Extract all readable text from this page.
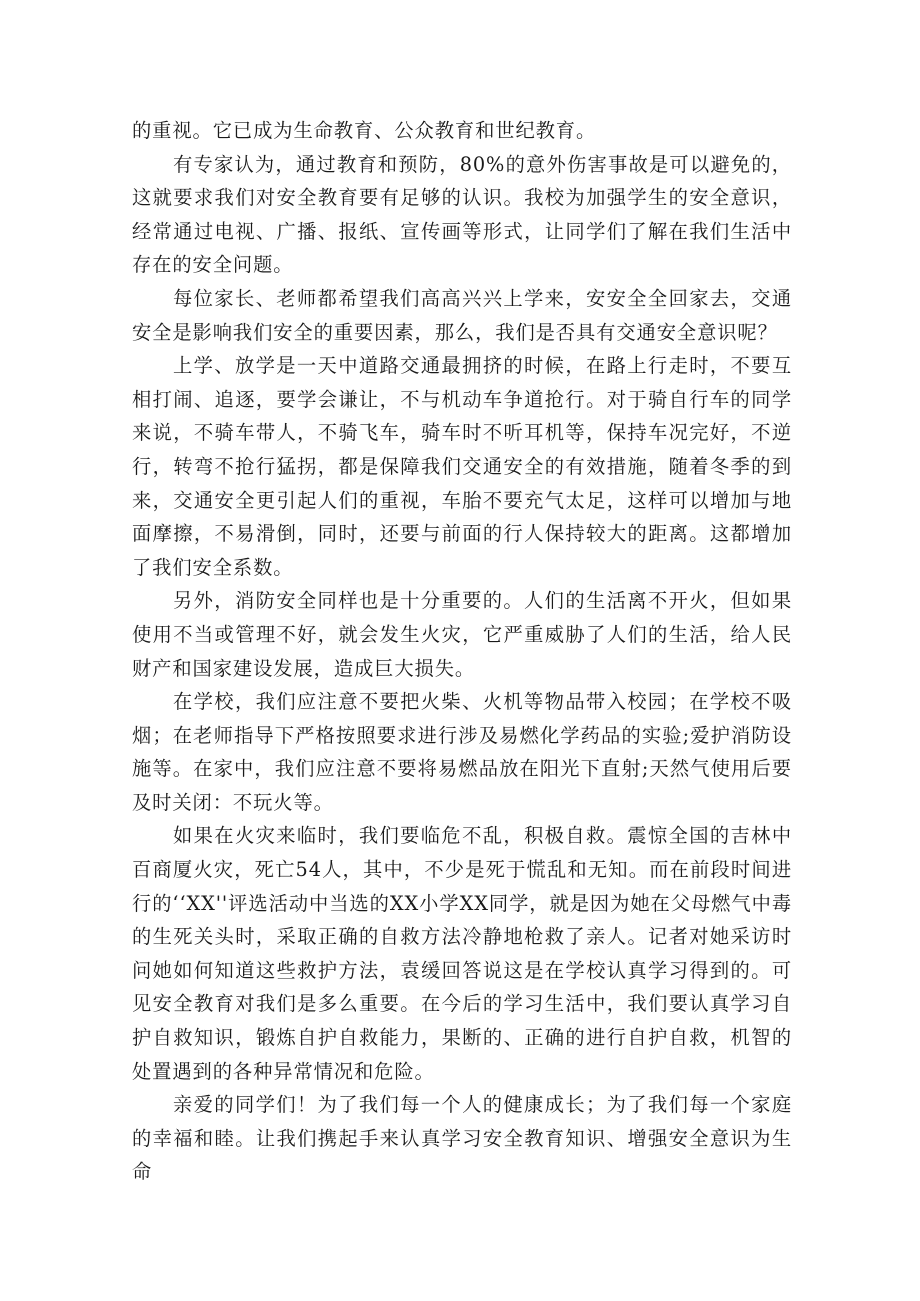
的重视。它已成为生命教育、公众教育和世纪教育。

有专家认为，通过教育和预防，80%的意外伤害事故是可以避免的，这就要求我们对安全教育要有足够的认识。我校为加强学生的安全意识，经常通过电视、广播、报纸、宣传画等形式，让同学们了解在我们生活中存在的安全问题。

每位家长、老师都希望我们高高兴兴上学来，安安全全回家去，交通安全是影响我们安全的重要因素，那么，我们是否具有交通安全意识呢？

上学、放学是一天中道路交通最拥挤的时候，在路上行走时，不要互相打闹、追逐，要学会谦让，不与机动车争道抢行。对于骑自行车的同学来说，不骑车带人，不骑飞车，骑车时不听耳机等，保持车况完好，不逆行，转弯不抢行猛拐，都是保障我们交通安全的有效措施，随着冬季的到来，交通安全更引起人们的重视，车胎不要充气太足，这样可以增加与地面摩擦，不易滑倒，同时，还要与前面的行人保持较大的距离。这都增加了我们安全系数。

另外，消防安全同样也是十分重要的。人们的生活离不开火，但如果使用不当或管理不好，就会发生火灾，它严重威胁了人们的生活，给人民财产和国家建设发展，造成巨大损失。

在学校，我们应注意不要把火柴、火机等物品带入校园；在学校不吸烟；在老师指导下严格按照要求进行涉及易燃化学药品的实验;爱护消防设施等。在家中，我们应注意不要将易燃品放在阳光下直射;天然气使用后要及时关闭：不玩火等。

如果在火灾来临时，我们要临危不乱，积极自救。震惊全国的吉林中百商厦火灾，死亡54人，其中，不少是死于慌乱和无知。而在前段时间进行的‘‘XX''评选活动中当选的XX小学XX同学，就是因为她在父母燃气中毒的生死关头时，采取正确的自救方法冷静地枪救了亲人。记者对她采访时问她如何知道这些救护方法，袁缓回答说这是在学校认真学习得到的。可见安全教育对我们是多么重要。在今后的学习生活中，我们要认真学习自护自救知识，锻炼自护自救能力，果断的、正确的进行自护自救，机智的处置遇到的各种异常情况和危险。

亲爱的同学们！为了我们每一个人的健康成长；为了我们每一个家庭的幸福和睦。让我们携起手来认真学习安全教育知识、增强安全意识为生命
